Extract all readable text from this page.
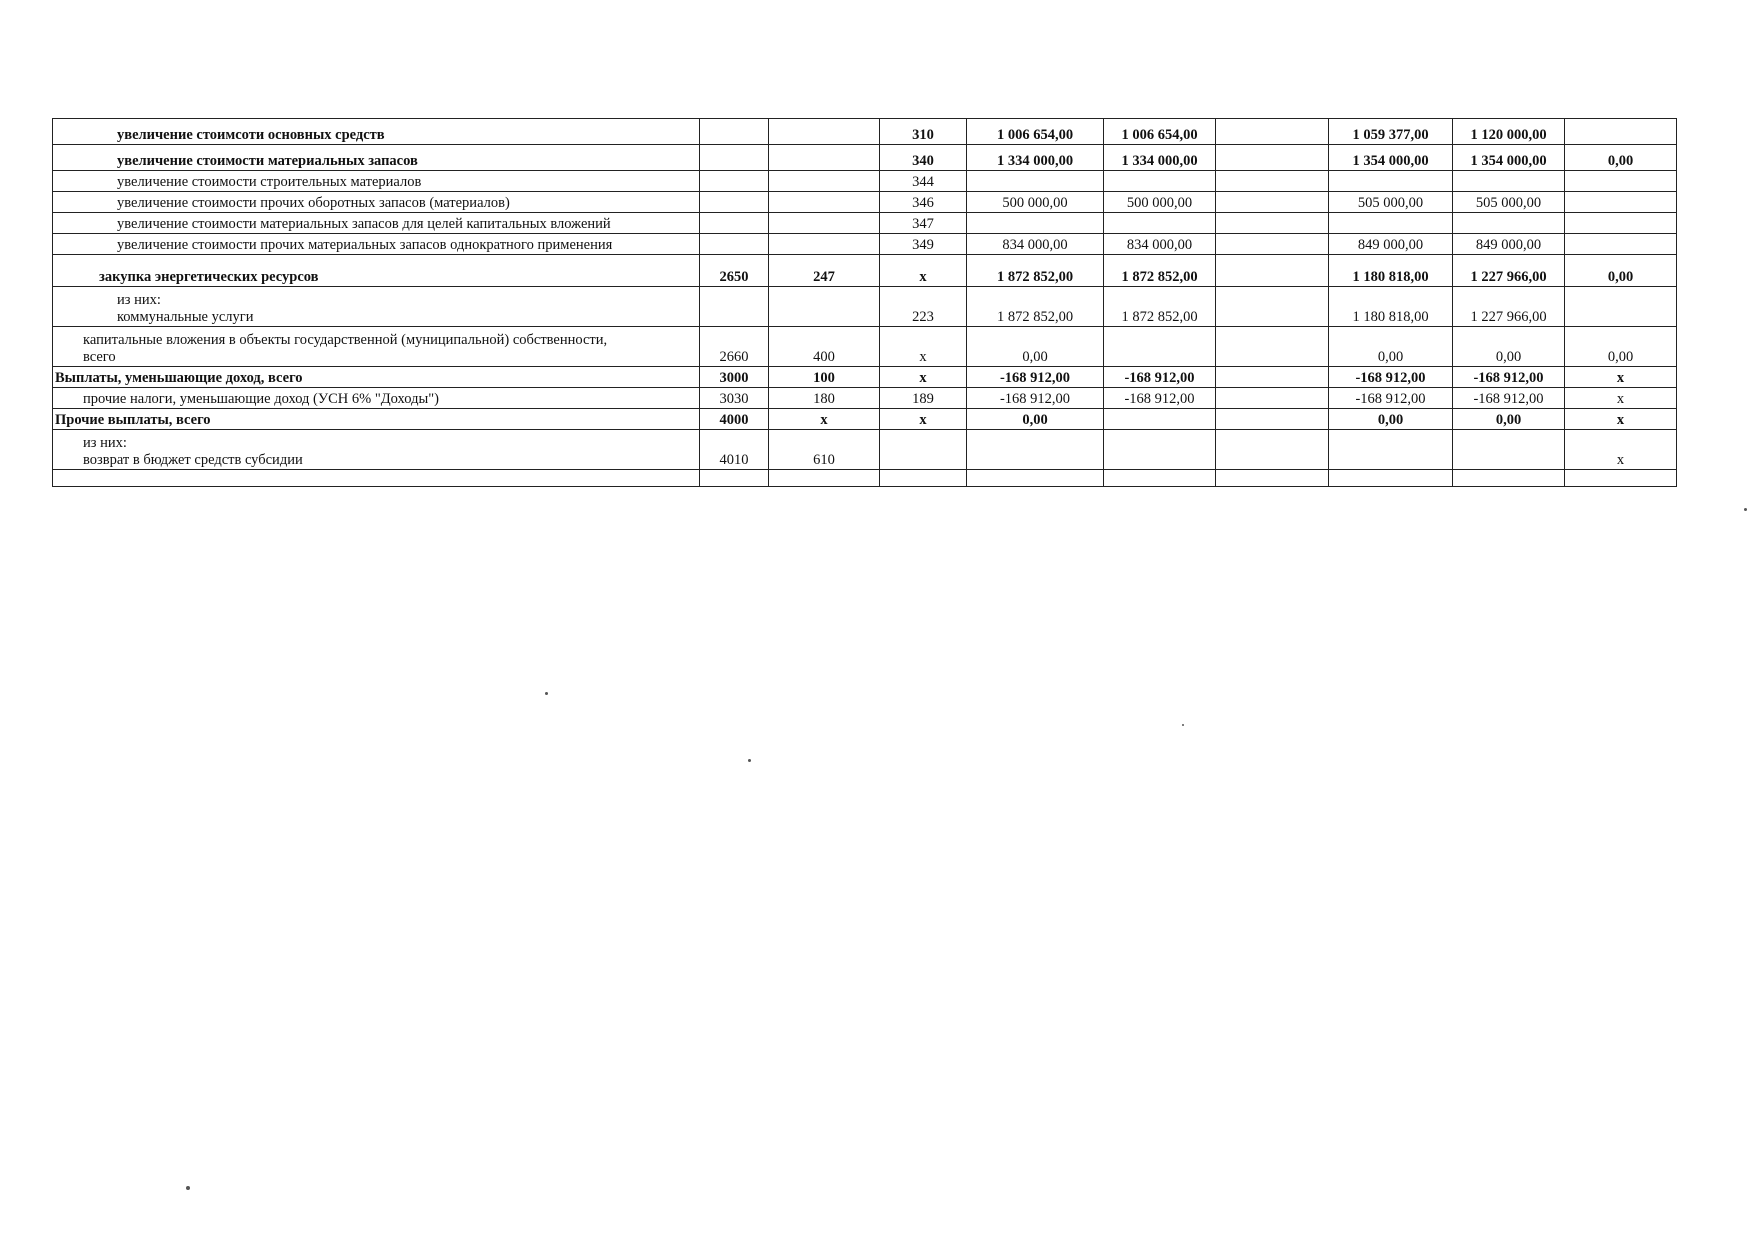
увеличение стоимсоти основных средств			310	1 006 654,00	1 006 654,00		1 059 377,00	1 120 000,00	

увеличение стоимости материальных запасов			340	1 334 000,00	1 334 000,00		1 354 000,00	1 354 000,00	0,00

увеличение стоимости строительных материалов			344						

увеличение стоимости прочих оборотных запасов (материалов)			346	500 000,00	500 000,00		505 000,00	505 000,00	

увеличение стоимости материальных запасов для целей капитальных вложений			347						

увеличение стоимости прочих материальных запасов однократного применения			349	834 000,00	834 000,00		849 000,00	849 000,00	

закупка энергетических ресурсов	2650	247	х	1 872 852,00	1 872 852,00		1 180 818,00	1 227 966,00	0,00

из них:
коммунальные услуги			223	1 872 852,00	1 872 852,00		1 180 818,00	1 227 966,00	

капитальные вложения в объекты государственной (муниципальной) собственности,
всего	2660	400	х	0,00			0,00	0,00	0,00

Выплаты, уменьшающие доход, всего	3000	100	х	-168 912,00	-168 912,00		-168 912,00	-168 912,00	х

прочие налоги, уменьшающие доход (УСН 6% "Доходы")	3030	180	189	-168 912,00	-168 912,00		-168 912,00	-168 912,00	х

Прочие выплаты, всего	4000	х	х	0,00			0,00	0,00	х

из них:
возврат в бюджет средств субсидии	4010	610							х
